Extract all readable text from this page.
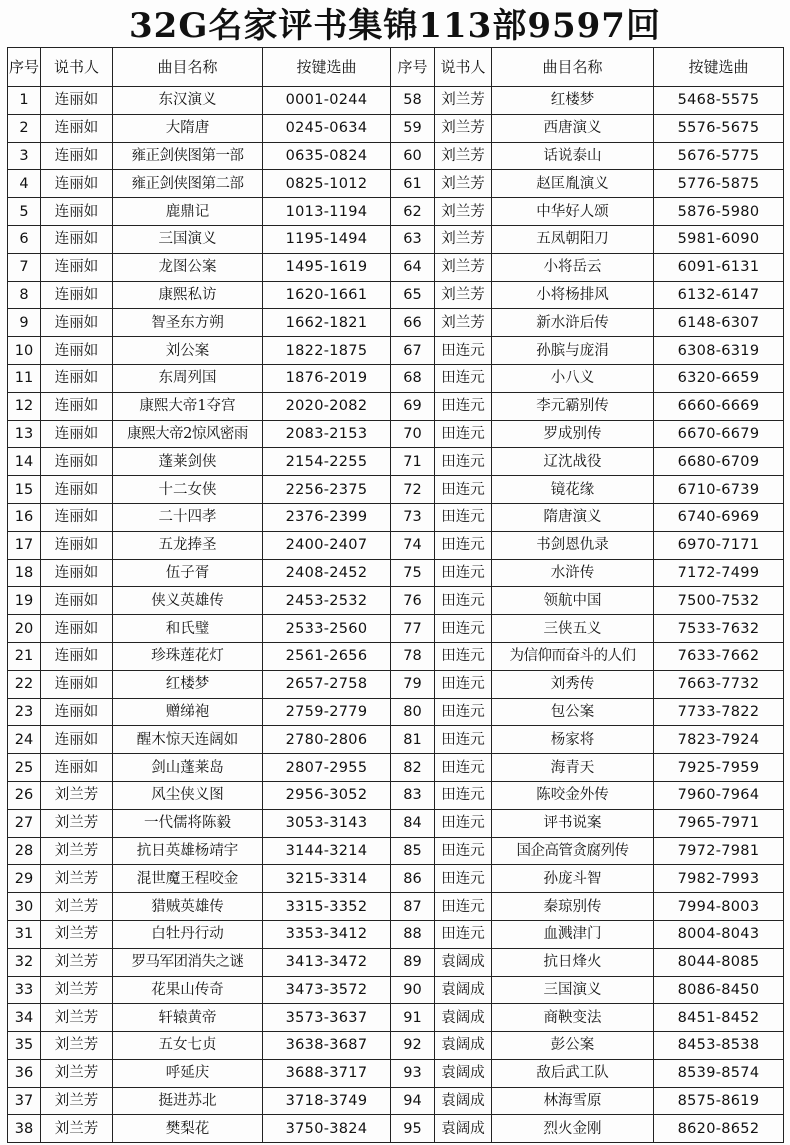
32G名家评书集锦113部9597回
序号	说书人	曲目名称	按键选曲	序号	说书人	曲目名称	按键选曲
1	连丽如	东汉演义	0001-0244	58	刘兰芳	红楼梦	5468-5575
2	连丽如	大隋唐	0245-0634	59	刘兰芳	西唐演义	5576-5675
3	连丽如	雍正剑侠图第一部	0635-0824	60	刘兰芳	话说泰山	5676-5775
4	连丽如	雍正剑侠图第二部	0825-1012	61	刘兰芳	赵匡胤演义	5776-5875
5	连丽如	鹿鼎记	1013-1194	62	刘兰芳	中华好人颂	5876-5980
6	连丽如	三国演义	1195-1494	63	刘兰芳	五凤朝阳刀	5981-6090
7	连丽如	龙图公案	1495-1619	64	刘兰芳	小将岳云	6091-6131
8	连丽如	康熙私访	1620-1661	65	刘兰芳	小将杨排风	6132-6147
9	连丽如	智圣东方朔	1662-1821	66	刘兰芳	新水浒后传	6148-6307
10	连丽如	刘公案	1822-1875	67	田连元	孙膑与庞涓	6308-6319
11	连丽如	东周列国	1876-2019	68	田连元	小八义	6320-6659
12	连丽如	康熙大帝1夺宫	2020-2082	69	田连元	李元霸别传	6660-6669
13	连丽如	康熙大帝2惊风密雨	2083-2153	70	田连元	罗成别传	6670-6679
14	连丽如	蓬莱剑侠	2154-2255	71	田连元	辽沈战役	6680-6709
15	连丽如	十二女侠	2256-2375	72	田连元	镜花缘	6710-6739
16	连丽如	二十四孝	2376-2399	73	田连元	隋唐演义	6740-6969
17	连丽如	五龙捧圣	2400-2407	74	田连元	书剑恩仇录	6970-7171
18	连丽如	伍子胥	2408-2452	75	田连元	水浒传	7172-7499
19	连丽如	侠义英雄传	2453-2532	76	田连元	领航中国	7500-7532
20	连丽如	和氏璧	2533-2560	77	田连元	三侠五义	7533-7632
21	连丽如	珍珠莲花灯	2561-2656	78	田连元	为信仰而奋斗的人们	7633-7662
22	连丽如	红楼梦	2657-2758	79	田连元	刘秀传	7663-7732
23	连丽如	赠绨袍	2759-2779	80	田连元	包公案	7733-7822
24	连丽如	醒木惊天连阔如	2780-2806	81	田连元	杨家将	7823-7924
25	连丽如	剑山蓬莱岛	2807-2955	82	田连元	海青天	7925-7959
26	刘兰芳	风尘侠义图	2956-3052	83	田连元	陈咬金外传	7960-7964
27	刘兰芳	一代儒将陈毅	3053-3143	84	田连元	评书说案	7965-7971
28	刘兰芳	抗日英雄杨靖宇	3144-3214	85	田连元	国企高管贪腐列传	7972-7981
29	刘兰芳	混世魔王程咬金	3215-3314	86	田连元	孙庞斗智	7982-7993
30	刘兰芳	猎贼英雄传	3315-3352	87	田连元	秦琼别传	7994-8003
31	刘兰芳	白牡丹行动	3353-3412	88	田连元	血溅津门	8004-8043
32	刘兰芳	罗马军团消失之谜	3413-3472	89	袁阔成	抗日烽火	8044-8085
33	刘兰芳	花果山传奇	3473-3572	90	袁阔成	三国演义	8086-8450
34	刘兰芳	轩辕黄帝	3573-3637	91	袁阔成	商鞅变法	8451-8452
35	刘兰芳	五女七贞	3638-3687	92	袁阔成	彭公案	8453-8538
36	刘兰芳	呼延庆	3688-3717	93	袁阔成	敌后武工队	8539-8574
37	刘兰芳	挺进苏北	3718-3749	94	袁阔成	林海雪原	8575-8619
38	刘兰芳	樊梨花	3750-3824	95	袁阔成	烈火金刚	8620-8652
